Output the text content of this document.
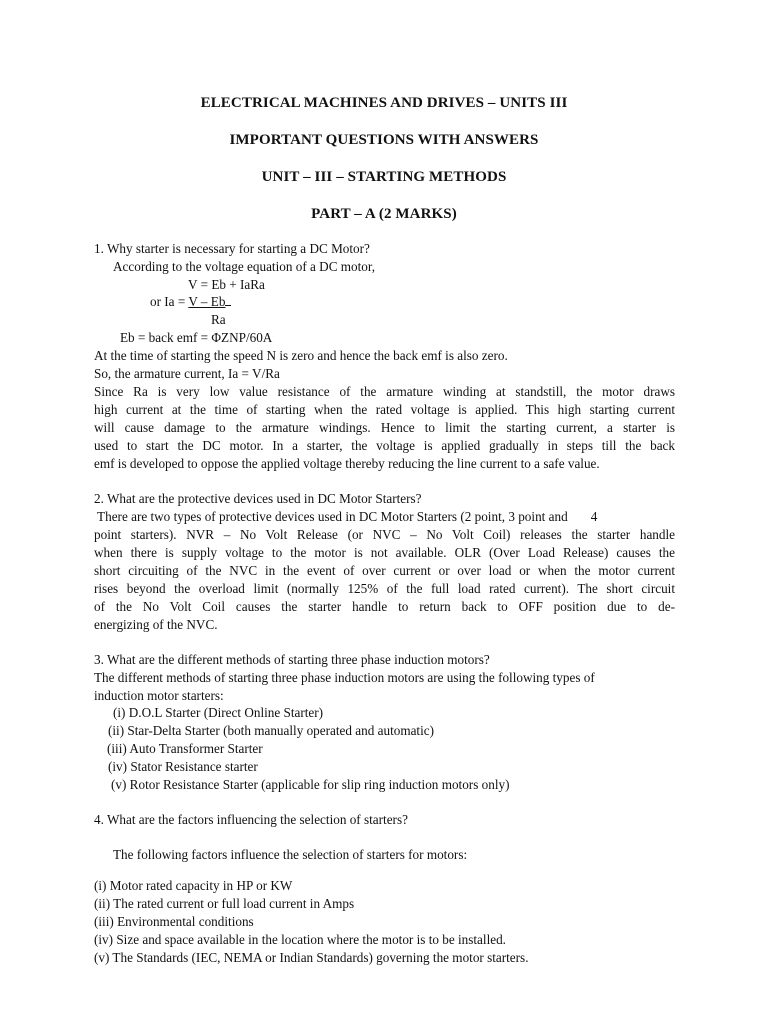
ELECTRICAL MACHINES AND DRIVES – UNITS III
IMPORTANT QUESTIONS WITH ANSWERS
UNIT – III – STARTING METHODS
PART – A (2 MARKS)
1. Why starter is necessary for starting a DC Motor?
According to the voltage equation of a DC motor,
V = Eb + IaRa
or Ia = V – Eb
Ra
Eb = back emf = ΦZNP/60A
At the time of starting the speed N is zero and hence the back emf is also zero.
So, the armature current, Ia = V/Ra
Since Ra is very low value resistance of the armature winding at standstill, the motor draws
high current at the time of starting when the rated voltage is applied. This high starting current
will cause damage to the armature windings. Hence to limit the starting current, a starter is
used to start the DC motor. In a starter, the voltage is applied gradually in steps till the back
emf is developed to oppose the applied voltage thereby reducing the line current to a safe value.
2. What are the protective devices used in DC Motor Starters?
There are two types of protective devices used in DC Motor Starters (2 point, 3 point and       4
point starters). NVR – No Volt Release (or NVC – No Volt Coil) releases the starter handle
when there is supply voltage to the motor is not available. OLR (Over Load Release) causes the
short circuiting of the NVC in the event of over current or over load or when the motor current
rises beyond the overload limit (normally 125% of the full load rated current). The short circuit
of the No Volt Coil causes the starter handle to return back to OFF position due to de-
energizing of the NVC.
3. What are the different methods of starting three phase induction motors?
The different methods of starting three phase induction motors are using the following types of
induction motor starters:
(i) D.O.L Starter (Direct Online Starter)
(ii) Star-Delta Starter (both manually operated and automatic)
(iii) Auto Transformer Starter
(iv) Stator Resistance starter
(v) Rotor Resistance Starter (applicable for slip ring induction motors only)
4. What are the factors influencing the selection of starters?
The following factors influence the selection of starters for motors:
(i) Motor rated capacity in HP or KW
(ii) The rated current or full load current in Amps
(iii) Environmental conditions
(iv) Size and space available in the location where the motor is to be installed.
(v) The Standards (IEC, NEMA or Indian Standards) governing the motor starters.
